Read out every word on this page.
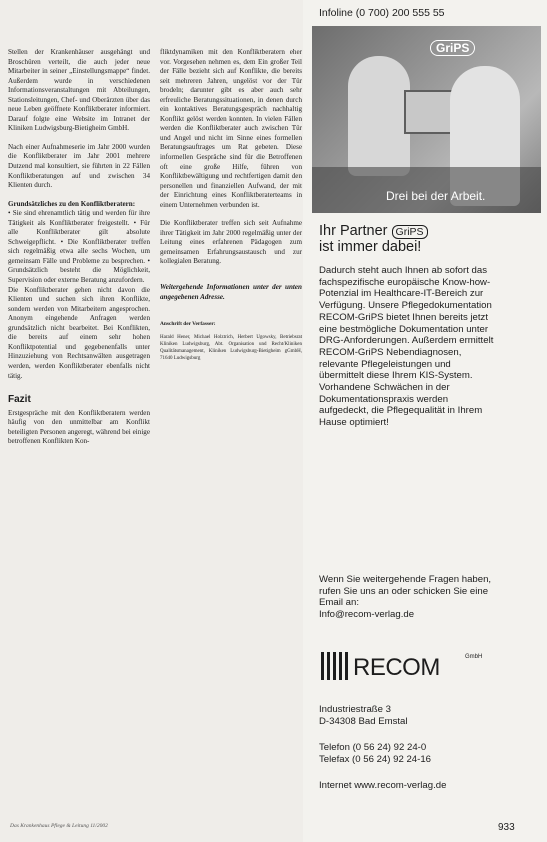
Stellen der Krankenhäuser ausgehängt und Broschüren verteilt, die auch jeder neue Mitarbeiter in seiner „Einstellungsmappe“ findet. Außerdem wurde in verschiedenen Informationsveranstaltungen mit Abteilungen, Stationsleitungen, Chef- und Oberärzten über das neue Leben geöffnete Konfliktberater informiert. Darauf folgte eine Website im Intranet der Kliniken Ludwigsburg-Bietigheim GmbH.

Nach einer Aufnahmeserie im Jahr 2000 wurden die Konfliktberater im Jahr 2001 mehrere Dutzend mal konsultiert, sie führten in 22 Fällen Konfliktberatungen auf und zwischen 34 Klienten durch.

Grundsätzliches zu den Konfliktberatern:

• Sie sind ehrenamtlich tätig und werden für ihre Tätigkeit als Konfliktberater freigestellt. • Für alle Konfliktberater gilt absolute Schweigepflicht. • Die Konfliktberater treffen sich regelmäßig etwa alle sechs Wochen, um gemeinsam Fälle und Probleme zu besprechen. • Grundsätzlich besteht die Möglichkeit, Supervision oder externe Beratung anzufordern.

Die Konfliktberater gehen nicht davon die Klienten und suchen sich ihren Konflikte, sondern werden von Mitarbeitern angesprochen. Anonym eingehende Anfragen werden grundsätzlich nicht bearbeitet. Bei Konflikten, die bereits auf einem sehr hohen Konfliktpotential und gegebenenfalls unter Hinzuziehung von Rechtsanwälten ausgetragen werden, werden Konfliktberater ebenfalls nicht tätig.

Fazit

Erstgespräche mit den Konfliktberatern werden häufig von den unmittelbar am Konflikt beteiligten Personen angeregt, während bei einige betroffenen Konflikten Kon-

fliktdynamiken mit den Konfliktberatern eher vor. Vorgesehen nehmen es, dem Ein großer Teil der Fälle bezieht sich auf Konflikte, die bereits seit mehreren Jahren, ungelöst vor der Tür brodeln; darunter gibt es aber auch sehr erfreuliche Beratungssituationen, in denen durch ein kontaktives Beratungsgespräch nachhaltig Konflikt gelöst werden konnten. In vielen Fällen werden die Konfliktberater auch zwischen Tür und Angel und nicht im Sinne eines formellen Beratungsauftrages um Rat gebeten. Diese informellen Gespräche sind für die Betroffenen oft eine große Hilfe, führen von Konfliktbewältigung und rechtfertigen damit den personellen und finanziellen Aufwand, der mit der Einrichtung eines Konfliktberaterteams in einem Unternehmen verbunden ist.

Die Konfliktberater treffen sich seit Aufnahme ihrer Tätigkeit im Jahr 2000 regelmäßig unter der Leitung eines erfahrenen Pädagogen zum gemeinsamen Erfahrungsaustausch und zur kollegialen Beratung.

Weitergehende Informationen unter der unten angegebenen Adresse.

Anschrift der Verfasser:

Harald Hener, Michael Holztrich, Herbert Ugowsky, Betriebsrat Kliniken Ludwigsburg, Abt. Organisation und Recht/Kliniken Qualitätsmanagement, Kliniken Ludwigsburg-Bietigheim gGmbH, 71640 Ludwigsburg

Infoline (0 700) 200 555 55
GriPS
Drei bei der Arbeit.
Ihr Partner GriPS
ist immer dabei!

Dadurch steht auch Ihnen ab sofort das fachspezifische europäische Know-how-Potenzial im Healthcare-IT-Bereich zur Verfügung. Unsere Pflegedokumentation RECOM-GriPS bietet Ihnen bereits jetzt eine bestmögliche Dokumentation unter DRG-Anforderungen. Außerdem ermittelt RECOM-GriPS Nebendiagnosen, relevante Pflegeleistungen und übermittelt diese Ihrem KIS-System.

Vorhandene Schwächen in der Dokumentationspraxis werden aufgedeckt, die Pflegequalität in Ihrem Hause optimiert!

Wenn Sie weitergehende Fragen haben, rufen Sie uns an oder schicken Sie eine Email an:

Info@recom-verlag.de

RECOM	GmbH
Industriestraße 3
D-34308 Bad Emstal
Telefon (0 56 24) 92 24-0
Telefax (0 56 24) 92 24-16
Internet www.recom-verlag.de
Das Krankenhaus Pflege & Leitung 11/2002	933
